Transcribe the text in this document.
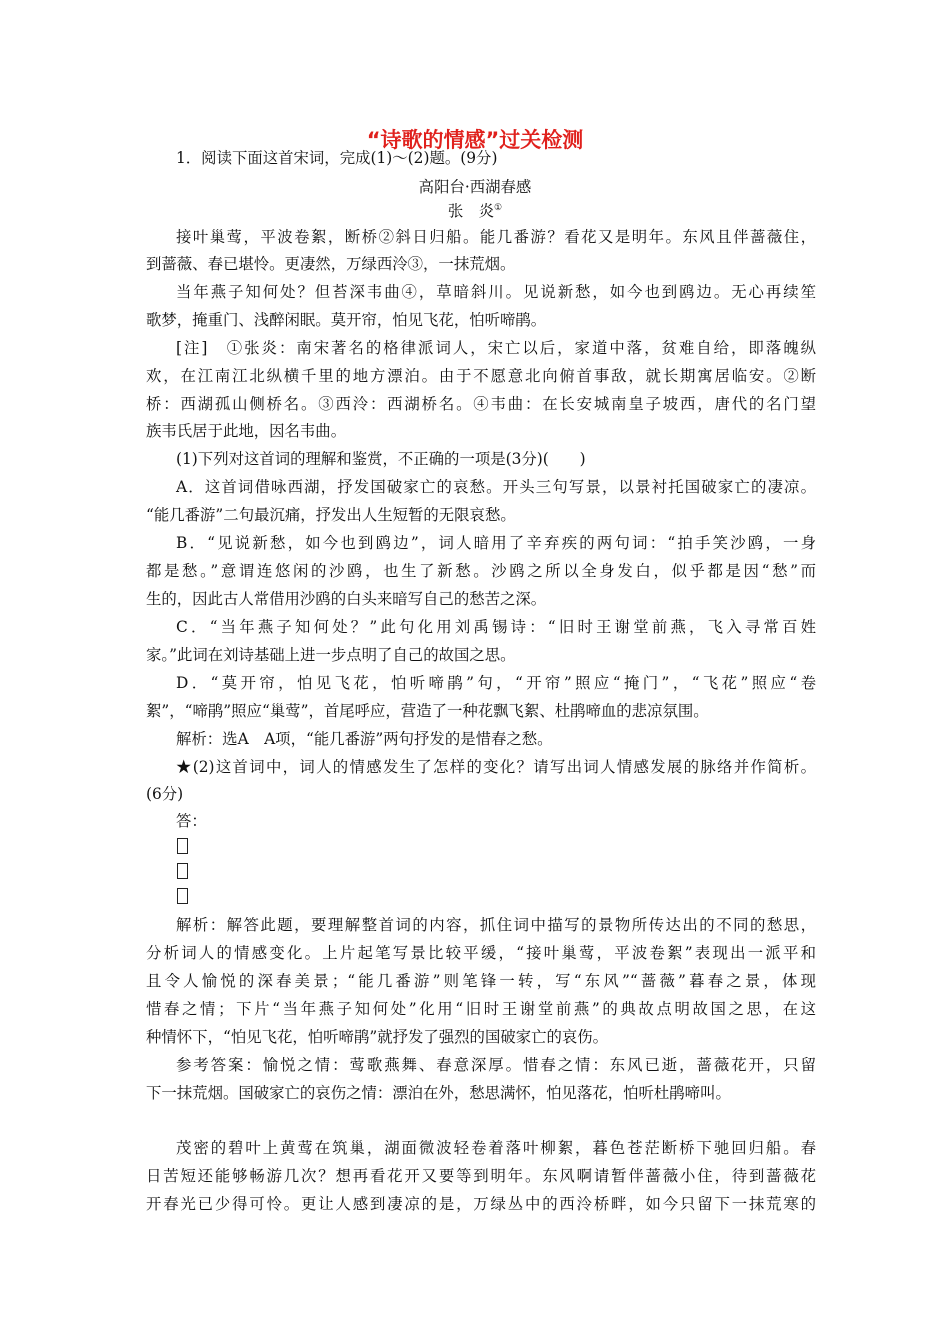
“诗歌的情感”过关检测
1．阅读下面这首宋词，完成(1)～(2)题。(9分)
高阳台·西湖春感
张　炎①
接叶巢莺，平波卷絮，断桥②斜日归船。能几番游？看花又是明年。东风且伴蔷薇住，
到蔷薇、春已堪怜。更凄然，万绿西泠③，一抹荒烟。
当年燕子知何处？但苔深韦曲④，草暗斜川。见说新愁，如今也到鸥边。无心再续笙
歌梦，掩重门、浅醉闲眠。莫开帘，怕见飞花，怕听啼鹃。
[注]　①张炎：南宋著名的格律派词人，宋亡以后，家道中落，贫难自给，即落魄纵
欢，在江南江北纵横千里的地方漂泊。由于不愿意北向俯首事敌，就长期寓居临安。②断
桥：西湖孤山侧桥名。③西泠：西湖桥名。④韦曲：在长安城南皇子坡西，唐代的名门望
族韦氏居于此地，因名韦曲。
(1)下列对这首词的理解和鉴赏，不正确的一项是(3分)(　　)
A．这首词借咏西湖，抒发国破家亡的哀愁。开头三句写景，以景衬托国破家亡的凄凉。
“能几番游”二句最沉痛，抒发出人生短暂的无限哀愁。
B．“见说新愁，如今也到鸥边”，词人暗用了辛弃疾的两句词：“拍手笑沙鸥，一身
都是愁。”意谓连悠闲的沙鸥，也生了新愁。沙鸥之所以全身发白，似乎都是因“愁”而
生的，因此古人常借用沙鸥的白头来暗写自己的愁苦之深。
C．“当年燕子知何处？”此句化用刘禹锡诗：“旧时王谢堂前燕，飞入寻常百姓
家。”此词在刘诗基础上进一步点明了自己的故国之思。
D．“莫开帘，怕见飞花，怕听啼鹃”句，“开帘”照应“掩门”，“飞花”照应“卷
絮”，“啼鹃”照应“巢莺”，首尾呼应，营造了一种花飘飞絮、杜鹃啼血的悲凉氛围。
解析：选A　A项，“能几番游”两句抒发的是惜春之愁。
★(2)这首词中，词人的情感发生了怎样的变化？请写出词人情感发展的脉络并作简析。
(6分)
答：
解析：解答此题，要理解整首词的内容，抓住词中描写的景物所传达出的不同的愁思，
分析词人的情感变化。上片起笔写景比较平缓，“接叶巢莺，平波卷絮”表现出一派平和
且令人愉悦的深春美景；“能几番游”则笔锋一转，写“东风”“蔷薇”暮春之景，体现
惜春之情；下片“当年燕子知何处”化用“旧时王谢堂前燕”的典故点明故国之思，在这
种情怀下，“怕见飞花，怕听啼鹃”就抒发了强烈的国破家亡的哀伤。
参考答案：愉悦之情：莺歌燕舞、春意深厚。惜春之情：东风已逝，蔷薇花开，只留
下一抹荒烟。国破家亡的哀伤之情：漂泊在外，愁思满怀，怕见落花，怕听杜鹃啼叫。
茂密的碧叶上黄莺在筑巢，湖面微波轻卷着落叶柳絮，暮色苍茫断桥下驰回归船。春
日苦短还能够畅游几次？想再看花开又要等到明年。东风啊请暂伴蔷薇小住，待到蔷薇花
开春光已少得可怜。更让人感到凄凉的是，万绿丛中的西泠桥畔，如今只留下一抹荒寒的
